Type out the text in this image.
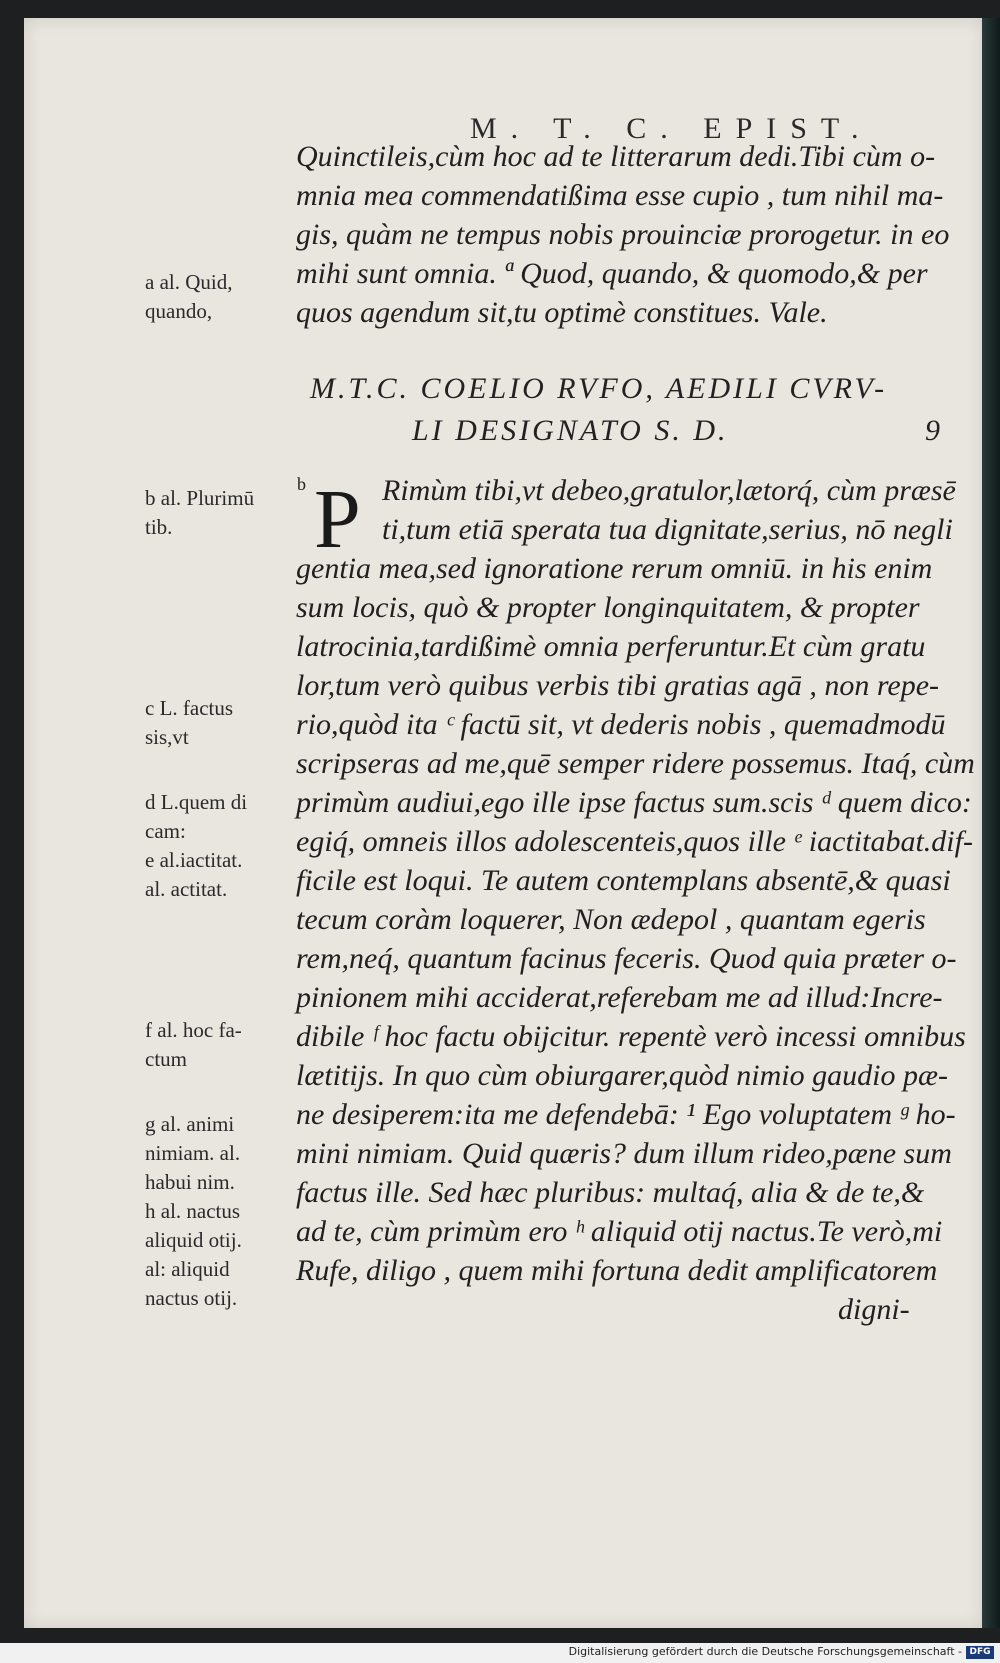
M. T. C. EPIST.
Quinctileis,cùm hoc ad te litterarum dedi.Tibi cùm o-
mnia mea commendatißima esse cupio , tum nihil ma-
gis, quàm ne tempus nobis prouinciæ prorogetur. in eo
mihi sunt omnia. ª Quod, quando, & quomodo,& per
quos agendum sit,tu optimè constitues. Vale.
M.T.C. COELIO RVFO, AEDILI CVRV-
LI DESIGNATO S. D.	9
b P Rimùm tibi,vt debeo,gratulor,lætorq́, cùm præsē
ti,tum etiā sperata tua dignitate,serius, nō negli
gentia mea,sed ignoratione rerum omniū. in his enim
sum locis, quò & propter longinquitatem, & propter
latrocinia,tardißimè omnia perferuntur.Et cùm gratu
lor,tum verò quibus verbis tibi gratias agā , non repe-
rio,quòd ita ᶜ factū sit, vt dederis nobis , quemadmodū
scripseras ad me,quē semper ridere possemus. Itaq́, cùm
primùm audiui,ego ille ipse factus sum.scis ᵈ quem dico:
egiq́, omneis illos adolescenteis,quos ille ᵉ iactitabat.dif-
ficile est loqui. Te autem contemplans absentē,& quasi
tecum coràm loquerer, Non ædepol , quantam egeris
rem,neq́, quantum facinus feceris. Quod quia præter o-
pinionem mihi acciderat,referebam me ad illud:Incre-
dibile ᶠ hoc factu obijcitur. repentè verò incessi omnibus
lætitijs. In quo cùm obiurgarer,quòd nimio gaudio pæ-
ne desiperem:ita me defendebā: ¹ Ego voluptatem ᵍ ho-
mini nimiam. Quid quæris? dum illum rideo,pæne sum
factus ille. Sed hæc pluribus: multaq́, alia & de te,&
ad te, cùm primùm ero ʰ aliquid otij nactus.Te verò,mi
Rufe, diligo , quem mihi fortuna dedit amplificatorem
digni-
a al. Quid,
quando,
b al. Plurimū
tib.
c L. factus
sis,vt
d L.quem di
cam:
e al.iactitat.
al. actitat.
f al. hoc fa-
ctum
g al. animi
nimiam. al.
habui nim.
h al. nactus
aliquid otij.
al: aliquid
nactus otij.
Digitalisierung gefördert durch die Deutsche Forschungsgemeinschaft - DFG
